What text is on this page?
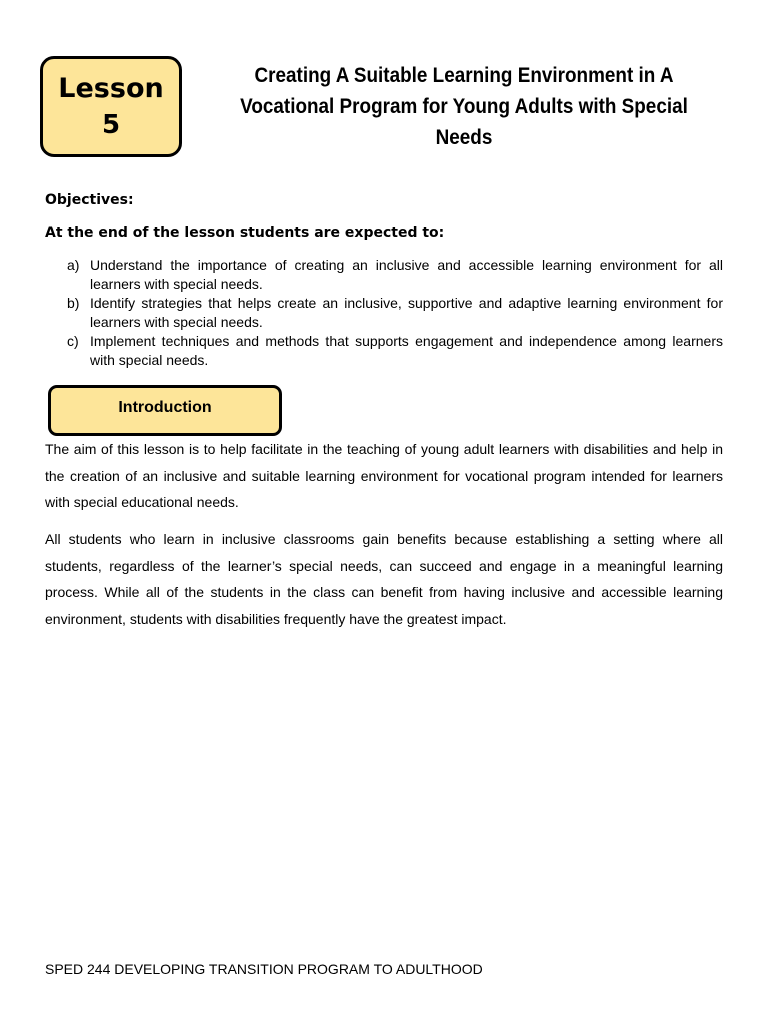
Lesson
5
Creating A Suitable Learning Environment in A Vocational Program for Young Adults with Special Needs

Objectives:

At the end of the lesson students are expected to:

a) Understand the importance of creating an inclusive and accessible learning environment for all learners with special needs.
b) Identify strategies that helps create an inclusive, supportive and adaptive learning environment for learners with special needs.
c) Implement techniques and methods that supports engagement and independence among learners with special needs.
Introduction

The aim of this lesson is to help facilitate in the teaching of young adult learners with disabilities and help in the creation of an inclusive and suitable learning environment for vocational program intended for learners with special educational needs.

All students who learn in inclusive classrooms gain benefits because establishing a setting where all students, regardless of the learner’s special needs, can succeed and engage in a meaningful learning process. While all of the students in the class can benefit from having inclusive and accessible learning environment, students with disabilities frequently have the greatest impact.

SPED 244 DEVELOPING TRANSITION PROGRAM TO ADULTHOOD
